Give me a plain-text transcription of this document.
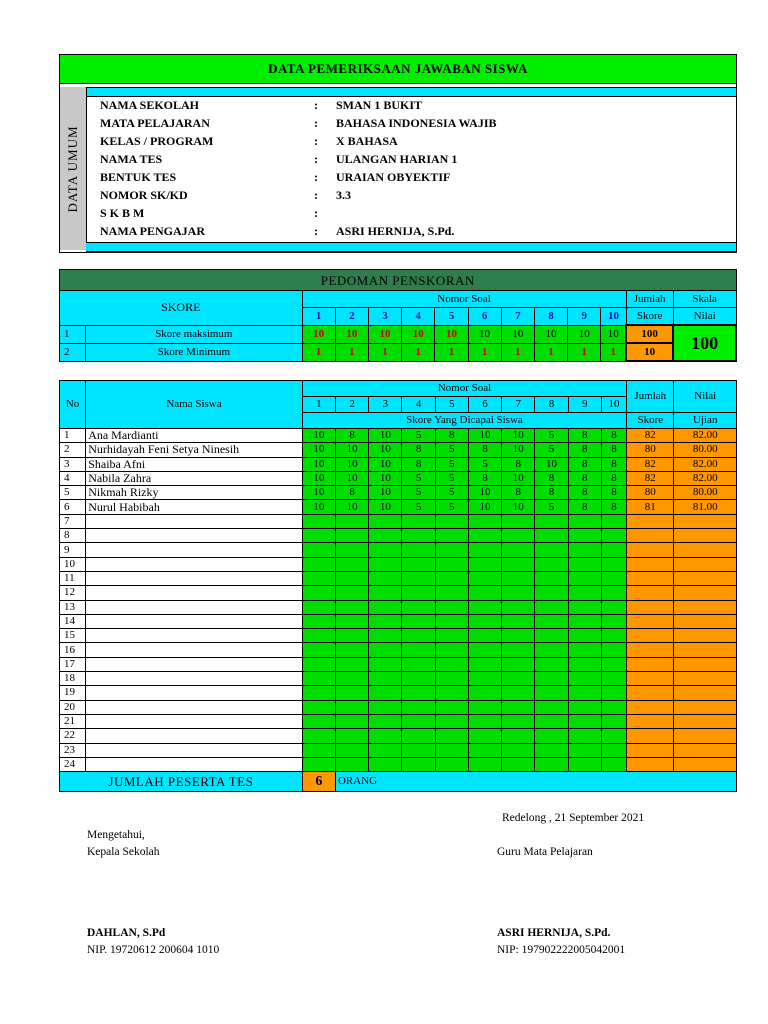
DATA PEMERIKSAAN JAWABAN SISWA
DATA UMUM
NAMA SEKOLAH	: SMAN 1 BUKIT
MATA PELAJARAN	: BAHASA INDONESIA WAJIB
KELAS / PROGRAM	: X BAHASA
NAMA TES	: ULANGAN HARIAN 1
BENTUK TES	: URAIAN OBYEKTIF
NOMOR SK/KD	: 3.3
S K B M	:
NAMA PENGAJAR	: ASRI HERNIJA, S.Pd.
PEDOMAN PENSKORAN													
SKORE		Nomor Soal										Jumlah	Skala
		1	2	3	4	5	6	7	8	9	10	Skore	Nilai
1	Skore maksimum	10	10	10	10	10	10	10	10	10	10	100	100
2	Skore Minimum	1	1	1	1	1	1	1	1	1	1	10	
No	Nama Siswa	Nomor Soal										Jumlah	Nilai
		1	2	3	4	5	6	7	8	9	10		
		Skore Yang Dicapai Siswa										Skore	Ujian
1	Ana Mardianti	10	8	10	5	8	10	10	5	8	8	82	82.00
2	Nurhidayah Feni Setya Ninesih	10	10	10	8	5	8	10	5	8	8	80	80.00
3	Shaiba Afni	10	10	10	8	5	5	8	10	8	8	82	82.00
4	Nabila Zahra	10	10	10	5	5	8	10	8	8	8	82	82.00
5	Nikmah Rizky	10	8	10	5	5	10	8	8	8	8	80	80.00
6	Nurul Habibah	10	10	10	5	5	10	10	5	8	8	81	81.00
7													
8													
9													
10													
11													
12													
13													
14													
15													
16													
17													
18													
19													
20													
21													
22													
23													
24													
JUMLAH PESERTA TES		6	ORANG										
Redelong , 21 September 2021
Mengetahui,
Kepala Sekolah	Guru Mata Pelajaran
DAHLAN, S.Pd
NIP. 19720612 200604 1010
ASRI HERNIJA, S.Pd.
NIP: 197902222005042001
